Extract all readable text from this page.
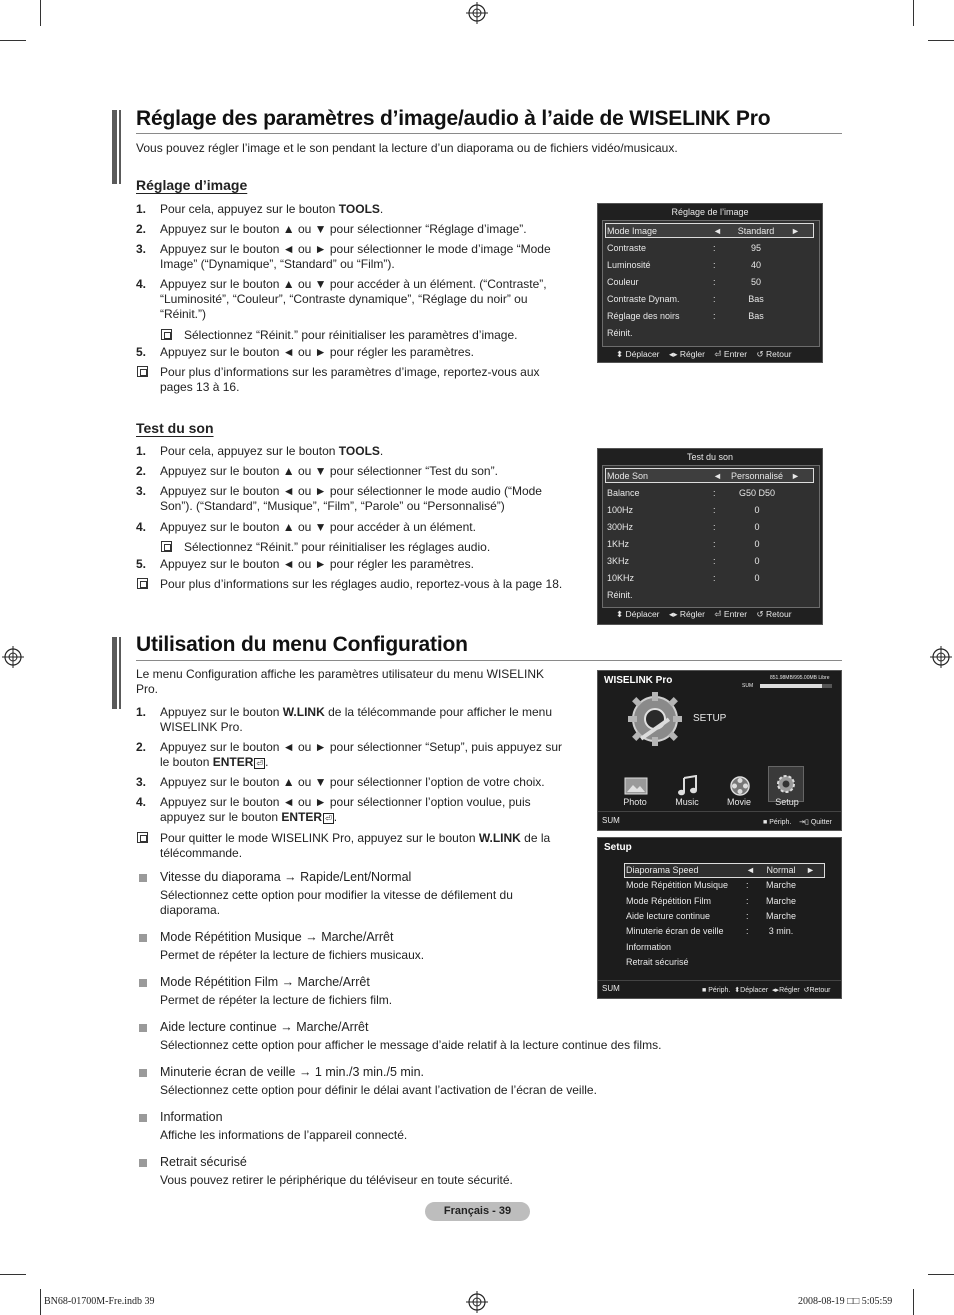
Réglage des paramètres d’image/audio à l’aide de WISELINK Pro
Vous pouvez régler l’image et le son pendant la lecture d’un diaporama ou de fichiers vidéo/musicaux.
Réglage d’image
1. Pour cela, appuyez sur le bouton TOOLS.
2. Appuyez sur le bouton ▲ ou ▼ pour sélectionner “Réglage d’image”.
3. Appuyez sur le bouton ◄ ou ► pour sélectionner le mode d’image “Mode
Image” (“Dynamique”, “Standard” ou “Film”).
4. Appuyez sur le bouton ▲ ou ▼ pour accéder à un élément. (“Contraste”,
“Luminosité”, “Couleur”, “Contraste dynamique”, “Réglage du noir” ou
“Réinit.”)
Sélectionnez “Réinit.” pour réinitialiser les paramètres d’image.
5. Appuyez sur le bouton ◄ ou ► pour régler les paramètres.
Pour plus d’informations sur les paramètres d’image, reportez-vous aux
pages 13 à 16.
Réglage de l’image
Mode Image	◄	Standard	►
Contraste	:	95
Luminosité	:	40
Couleur	:	50
Contraste Dynam.	:	Bas
Réglage des noirs	:	Bas
Réinit.
⬍ Déplacer ◂▸ Régler ⏎ Entrer ↺ Retour
Test du son
1. Pour cela, appuyez sur le bouton TOOLS.
2. Appuyez sur le bouton ▲ ou ▼ pour sélectionner “Test du son”.
3. Appuyez sur le bouton ◄ ou ► pour sélectionner le mode audio (“Mode
Son”). (“Standard”, “Musique”, “Film”, “Parole” ou “Personnalisé”)
4. Appuyez sur le bouton ▲ ou ▼ pour accéder à un élément.
Sélectionnez “Réinit.” pour réinitialiser les réglages audio.
5. Appuyez sur le bouton ◄ ou ► pour régler les paramètres.
Pour plus d’informations sur les réglages audio, reportez-vous à la page 18.
Test du son
Mode Son	◄	Personnalisé ►
Balance	:	G50 D50
100Hz	:	0
300Hz	:	0
1KHz	:	0
3KHz	:	0
10KHz	:	0
Réinit.
⬍ Déplacer ◂▸ Régler ⏎ Entrer ↺ Retour
Utilisation du menu Configuration
Le menu Configuration affiche les paramètres utilisateur du menu WISELINK
Pro.
1. Appuyez sur le bouton W.LINK de la télécommande pour afficher le menu
WISELINK Pro.
2. Appuyez sur le bouton ◄ ou ► pour sélectionner “Setup”, puis appuyez sur
le bouton ENTER ⏎ .
3. Appuyez sur le bouton ▲ ou ▼ pour sélectionner l’option de votre choix.
4. Appuyez sur le bouton ◄ ou ► pour sélectionner l’option voulue, puis
appuyez sur le bouton ENTER ⏎ .
Pour quitter le mode WISELINK Pro, appuyez sur le bouton W.LINK de la
télécommande.
Vitesse du diaporama → Rapide/Lent/Normal
Sélectionnez cette option pour modifier la vitesse de défilement du
diaporama.
Mode Répétition Musique → Marche/Arrêt
Permet de répéter la lecture de fichiers musicaux.
Mode Répétition Film → Marche/Arrêt
Permet de répéter la lecture de fichiers film.
Aide lecture continue → Marche/Arrêt
Sélectionnez cette option pour afficher le message d’aide relatif à la lecture continue des films.
Minuterie écran de veille → 1 min./3 min./5 min.
Sélectionnez cette option pour définir le délai avant l’activation de l’écran de veille.
Information
Affiche les informations de l’appareil connecté.
Retrait sécurisé
Vous pouvez retirer le périphérique du téléviseur en toute sécurité.
WISELINK Pro	851.98MB/995.00MB Libre
SUM
SETUP
Photo	Music	Movie	Setup
SUM	■ Périph. ⇥▯ Quitter
Setup
Diaporama Speed	◄	Normal	►
Mode Répétition Musique :	Marche
Mode Répétition Film	:	Marche
Aide lecture continue	:	Marche
Minuterie écran de veille :	3 min.
Information
Retrait sécurisé
SUM	■ Périph. ⬍Déplacer ◂▸Régler ↺Retour
Français - 39
BN68-01700M-Fre.indb 39	2008-08-19 □□ 5:05:59
